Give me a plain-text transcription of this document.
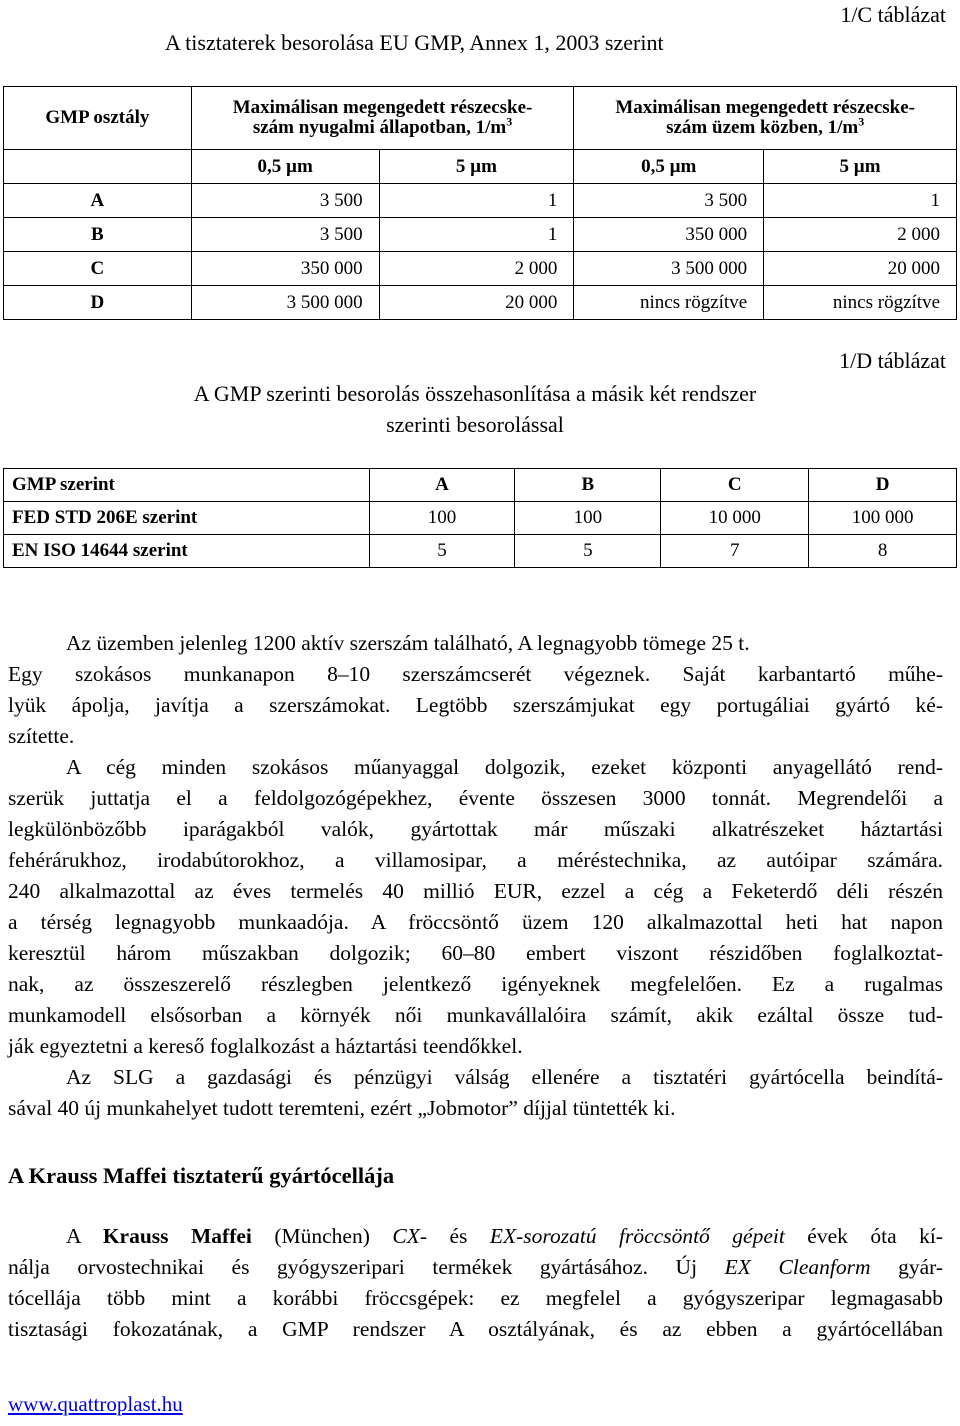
1/C táblázat
A tisztaterek besorolása EU GMP, Annex 1, 2003 szerint
GMP osztály	Maximálisan megengedett részecske-
szám nyugalmi állapotban, $1/m^3$		Maximálisan megengedett részecske-
szám üzem közben, $1/m^3$

	0,5 µm	5 µm	0,5 µm	5 µm
A	3 500	1	3 500	1
B	3 500	1	350 000	2 000
C	350 000	2 000	3 500 000	20 000
D	3 500 000	20 000	nincs rögzítve	nincs rögzítve
1/D táblázat
A GMP szerinti besorolás összehasonlítása a másik két rendszer
szerinti besorolással
GMP szerint	A	B	C	D
FED STD 206E szerint	100	100	10 000	100 000
EN ISO 14644 szerint	5	5	7	8
Az üzemben jelenleg 1200 aktív szerszám található, A legnagyobb tömege 25 t.
Egy szokásos munkanapon 8–10 szerszámcserét végeznek. Saját karbantartó műhe-
lyük ápolja, javítja a szerszámokat. Legtöbb szerszámjukat egy portugáliai gyártó ké-
szítette.
A cég minden szokásos műanyaggal dolgozik, ezeket központi anyagellátó rend-
szerük juttatja el a feldolgozógépekhez, évente összesen 3000 tonnát. Megrendelői a
legkülönbözőbb iparágakból valók, gyártottak már műszaki alkatrészeket háztartási
fehérárukhoz, irodabútorokhoz, a villamosipar, a méréstechnika, az autóipar számára.
240 alkalmazottal az éves termelés 40 millió EUR, ezzel a cég a Feketerdő déli részén
a térség legnagyobb munkaadója. A fröccsöntő üzem 120 alkalmazottal heti hat napon
keresztül három műszakban dolgozik; 60–80 embert viszont részidőben foglalkoztat-
nak, az összeszerelő részlegben jelentkező igényeknek megfelelően. Ez a rugalmas
munkamodell elsősorban a környék női munkavállalóira számít, akik ezáltal össze tud-
ják egyeztetni a kereső foglalkozást a háztartási teendőkkel.
Az SLG a gazdasági és pénzügyi válság ellenére a tisztatéri gyártócella beindítá-
sával 40 új munkahelyet tudott teremteni, ezért „Jobmotor” díjjal tüntették ki.
A Krauss Maffei tisztaterű gyártócellája
A Krauss Maffei (München) CX- és EX-sorozatú fröccsöntő gépeit évek óta kí-
nálja orvostechnikai és gyógyszeripari termékek gyártásához. Új EX Cleanform gyár-
tócellája több mint a korábbi fröccsgépek: ez megfelel a gyógyszeripar legmagasabb
tisztasági fokozatának, a GMP rendszer A osztályának, és az ebben a gyártócellában
www.quattroplast.hu
